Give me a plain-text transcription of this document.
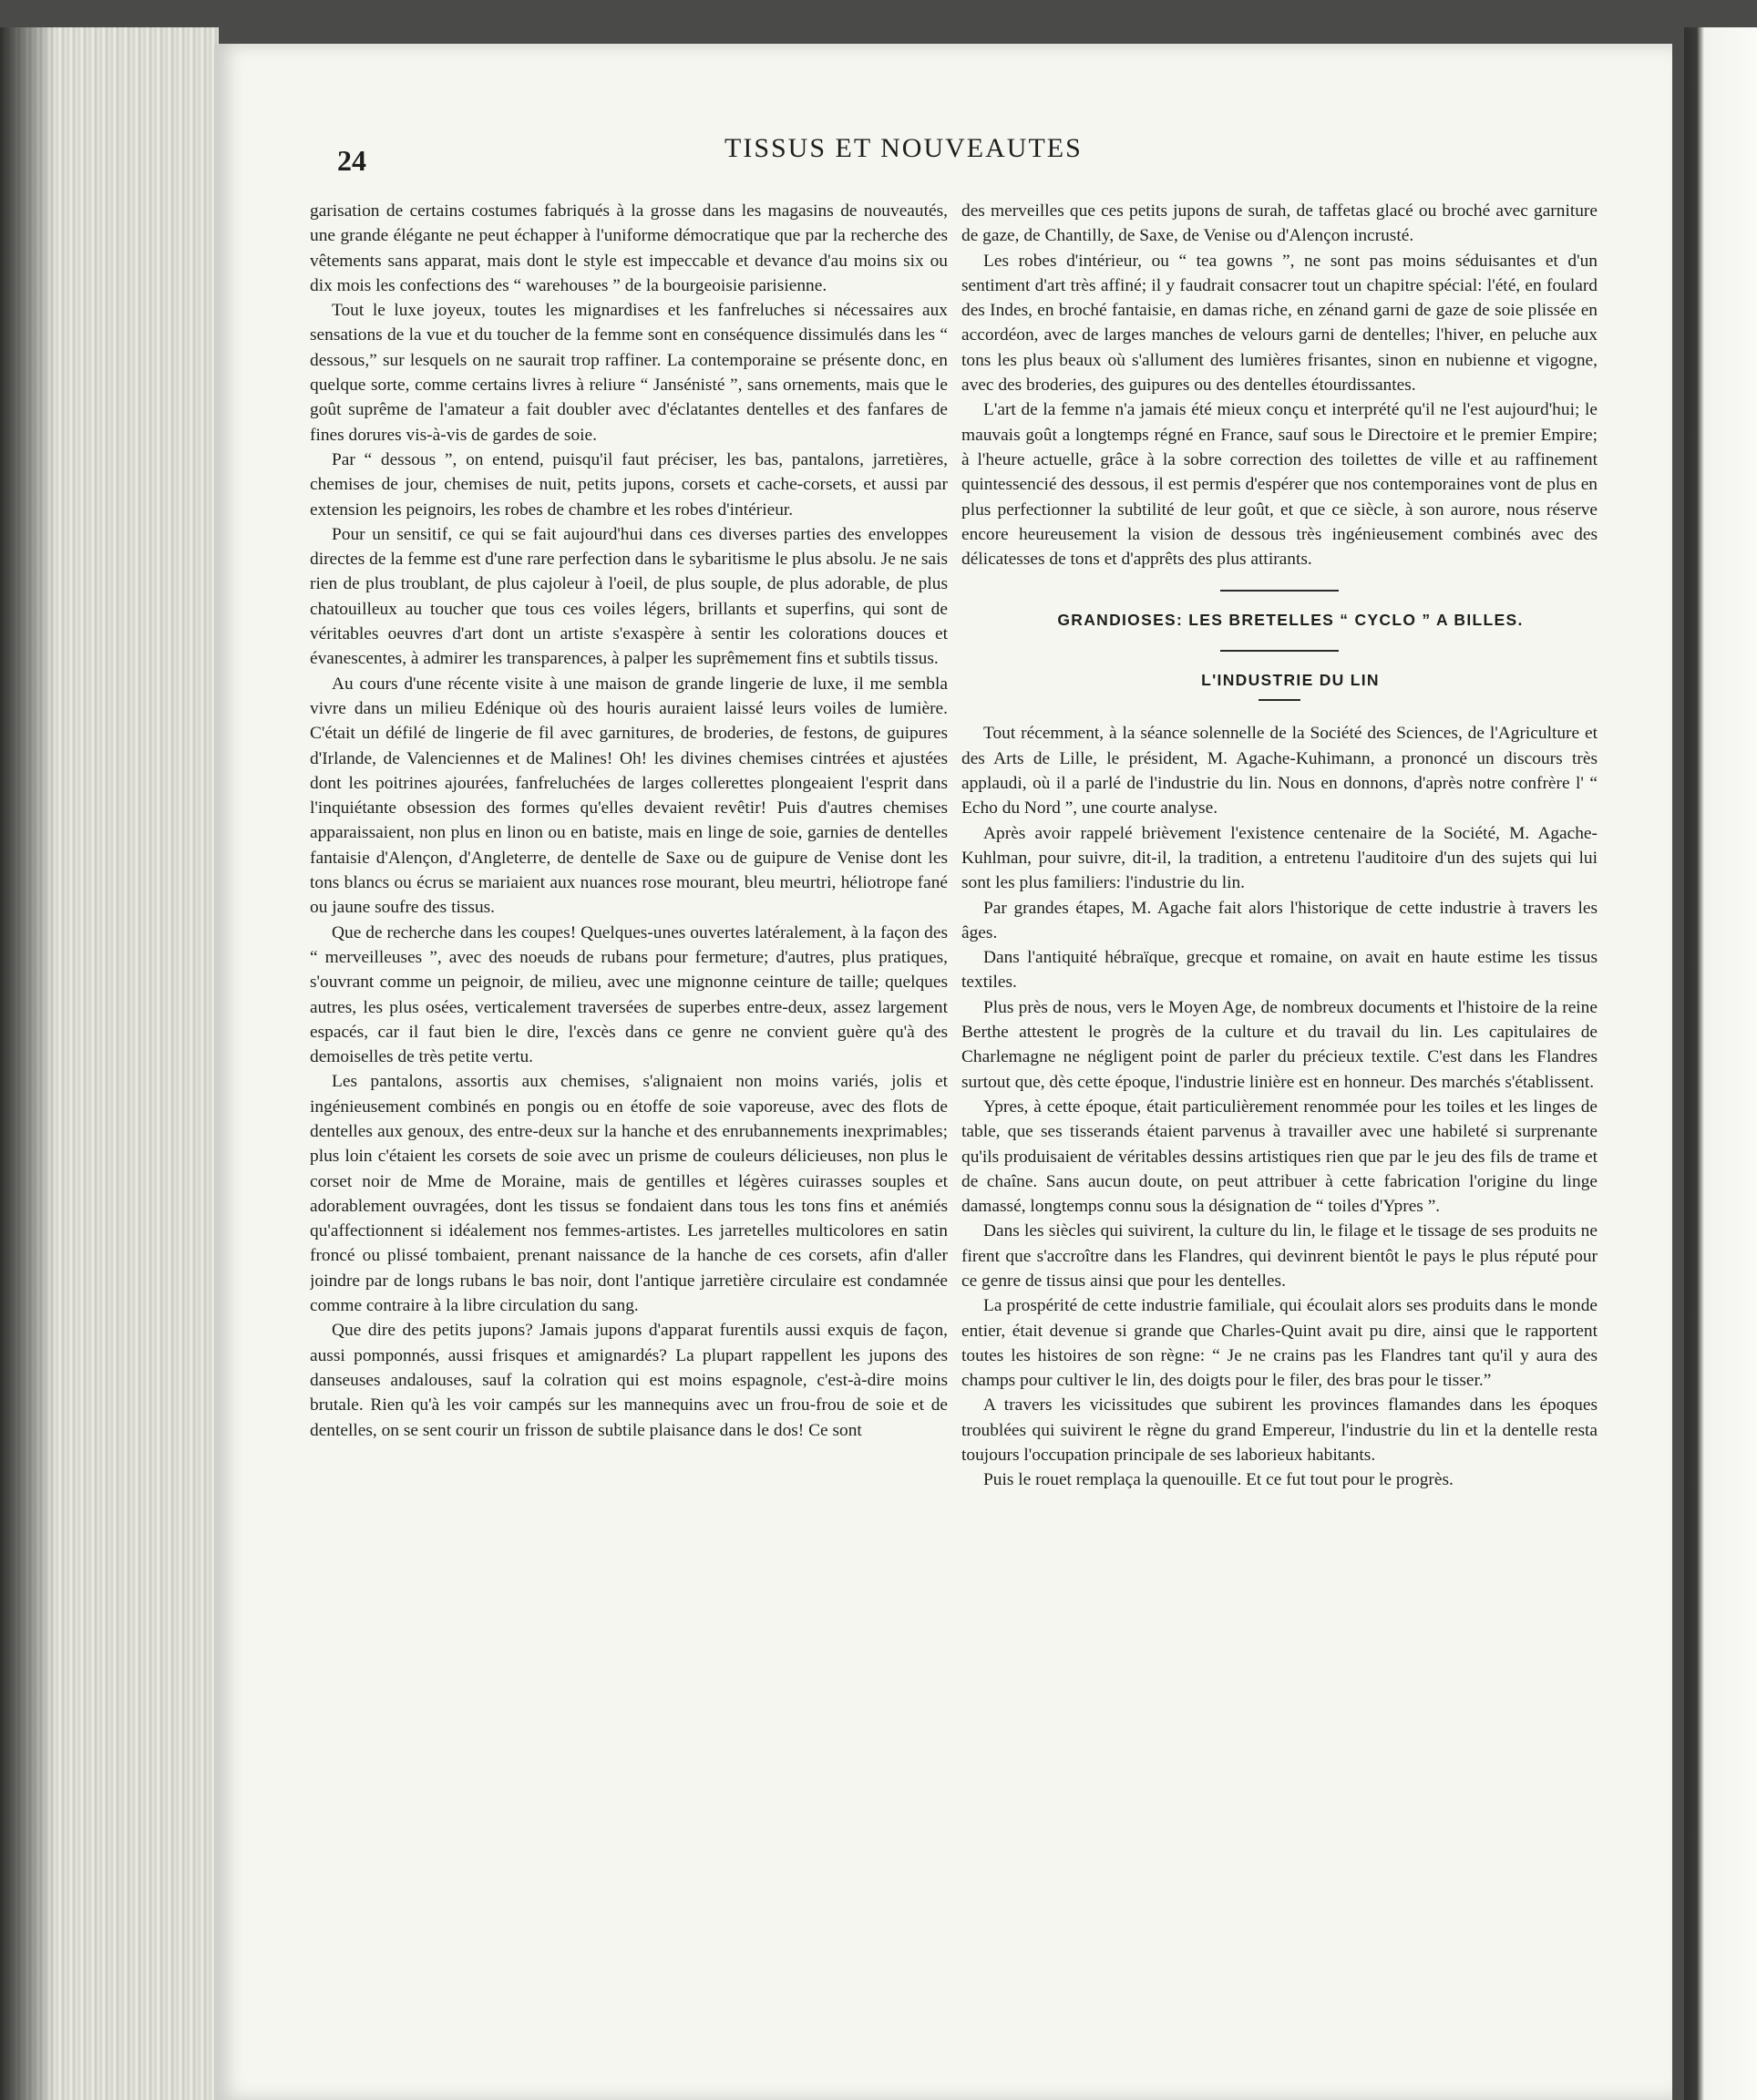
24	TISSUS ET NOUVEAUTES

garisation de certains costumes fabriqués à la grosse dans les magasins de nouveautés, une grande élégante ne peut échapper à l'uniforme démocratique que par la recherche des vêtements sans apparat, mais dont le style est impeccable et devance d'au moins six ou dix mois les confections des “ warehouses ” de la bourgeoisie parisienne.

Tout le luxe joyeux, toutes les mignardises et les fanfreluches si nécessaires aux sensations de la vue et du toucher de la femme sont en conséquence dissimulés dans les “ dessous,” sur lesquels on ne saurait trop raffiner. La contemporaine se présente donc, en quelque sorte, comme certains livres à reliure “ Jansénisté ”, sans ornements, mais que le goût suprême de l'amateur a fait doubler avec d'éclatantes dentelles et des fanfares de fines dorures vis-à-vis de gardes de soie.

Par “ dessous ”, on entend, puisqu'il faut préciser, les bas, pantalons, jarretières, chemises de jour, chemises de nuit, petits jupons, corsets et cache-corsets, et aussi par extension les peignoirs, les robes de chambre et les robes d'intérieur.

Pour un sensitif, ce qui se fait aujourd'hui dans ces diverses parties des enveloppes directes de la femme est d'une rare perfection dans le sybaritisme le plus absolu. Je ne sais rien de plus troublant, de plus cajoleur à l'oeil, de plus souple, de plus adorable, de plus chatouilleux au toucher que tous ces voiles légers, brillants et superfins, qui sont de véritables oeuvres d'art dont un artiste s'exaspère à sentir les colorations douces et évanescentes, à admirer les transparences, à palper les suprêmement fins et subtils tissus.

Au cours d'une récente visite à une maison de grande lingerie de luxe, il me sembla vivre dans un milieu Edénique où des houris auraient laissé leurs voiles de lumière. C'était un défilé de lingerie de fil avec garnitures, de broderies, de festons, de guipures d'Irlande, de Valenciennes et de Malines! Oh! les divines chemises cintrées et ajustées dont les poitrines ajourées, fanfreluchées de larges collerettes plongeaient l'esprit dans l'inquiétante obsession des formes qu'elles devaient revêtir! Puis d'autres chemises apparaissaient, non plus en linon ou en batiste, mais en linge de soie, garnies de dentelles fantaisie d'Alençon, d'Angleterre, de dentelle de Saxe ou de guipure de Venise dont les tons blancs ou écrus se mariaient aux nuances rose mourant, bleu meurtri, héliotrope fané ou jaune soufre des tissus.

Que de recherche dans les coupes! Quelques-unes ouvertes latéralement, à la façon des “ merveilleuses ”, avec des noeuds de rubans pour fermeture; d'autres, plus pratiques, s'ouvrant comme un peignoir, de milieu, avec une mignonne ceinture de taille; quelques autres, les plus osées, verticalement traversées de superbes entre-deux, assez largement espacés, car il faut bien le dire, l'excès dans ce genre ne convient guère qu'à des demoiselles de très petite vertu.

Les pantalons, assortis aux chemises, s'alignaient non moins variés, jolis et ingénieusement combinés en pongis ou en étoffe de soie vaporeuse, avec des flots de dentelles aux genoux, des entre-deux sur la hanche et des enrubannements inexprimables; plus loin c'étaient les corsets de soie avec un prisme de couleurs délicieuses, non plus le corset noir de Mme de Moraine, mais de gentilles et légères cuirasses souples et adorablement ouvragées, dont les tissus se fondaient dans tous les tons fins et anémiés qu'affectionnent si idéalement nos femmes-artistes. Les jarretelles multicolores en satin froncé ou plissé tombaient, prenant naissance de la hanche de ces corsets, afin d'aller joindre par de longs rubans le bas noir, dont l'antique jarretière circulaire est condamnée comme contraire à la libre circulation du sang.

Que dire des petits jupons? Jamais jupons d'apparat furentils aussi exquis de façon, aussi pomponnés, aussi frisques et amignardés? La plupart rappellent les jupons des danseuses andalouses, sauf la colration qui est moins espagnole, c'est-à-dire moins brutale. Rien qu'à les voir campés sur les mannequins avec un frou-frou de soie et de dentelles, on se sent courir un frisson de subtile plaisance dans le dos! Ce sont

des merveilles que ces petits jupons de surah, de taffetas glacé ou broché avec garniture de gaze, de Chantilly, de Saxe, de Venise ou d'Alençon incrusté.

Les robes d'intérieur, ou “ tea gowns ”, ne sont pas moins séduisantes et d'un sentiment d'art très affiné; il y faudrait consacrer tout un chapitre spécial: l'été, en foulard des Indes, en broché fantaisie, en damas riche, en zénand garni de gaze de soie plissée en accordéon, avec de larges manches de velours garni de dentelles; l'hiver, en peluche aux tons les plus beaux où s'allument des lumières frisantes, sinon en nubienne et vigogne, avec des broderies, des guipures ou des dentelles étourdissantes.

L'art de la femme n'a jamais été mieux conçu et interprété qu'il ne l'est aujourd'hui; le mauvais goût a longtemps régné en France, sauf sous le Directoire et le premier Empire; à l'heure actuelle, grâce à la sobre correction des toilettes de ville et au raffinement quintessencié des dessous, il est permis d'espérer que nos contemporaines vont de plus en plus perfectionner la subtilité de leur goût, et que ce siècle, à son aurore, nous réserve encore heureusement la vision de dessous très ingénieusement combinés avec des délicatesses de tons et d'apprêts des plus attirants.

GRANDIOSES: LES BRETELLES “ CYCLO ” A BILLES.

L'INDUSTRIE DU LIN

Tout récemment, à la séance solennelle de la Société des Sciences, de l'Agriculture et des Arts de Lille, le président, M. Agache-Kuhimann, a prononcé un discours très applaudi, où il a parlé de l'industrie du lin. Nous en donnons, d'après notre confrère l' “ Echo du Nord ”, une courte analyse.

Après avoir rappelé brièvement l'existence centenaire de la Société, M. Agache-Kuhlman, pour suivre, dit-il, la tradition, a entretenu l'auditoire d'un des sujets qui lui sont les plus familiers: l'industrie du lin.

Par grandes étapes, M. Agache fait alors l'historique de cette industrie à travers les âges.

Dans l'antiquité hébraïque, grecque et romaine, on avait en haute estime les tissus textiles.

Plus près de nous, vers le Moyen Age, de nombreux documents et l'histoire de la reine Berthe attestent le progrès de la culture et du travail du lin. Les capitulaires de Charlemagne ne négligent point de parler du précieux textile. C'est dans les Flandres surtout que, dès cette époque, l'industrie linière est en honneur. Des marchés s'établissent.

Ypres, à cette époque, était particulièrement renommée pour les toiles et les linges de table, que ses tisserands étaient parvenus à travailler avec une habileté si surprenante qu'ils produisaient de véritables dessins artistiques rien que par le jeu des fils de trame et de chaîne. Sans aucun doute, on peut attribuer à cette fabrication l'origine du linge damassé, longtemps connu sous la désignation de “ toiles d'Ypres ”.

Dans les siècles qui suivirent, la culture du lin, le filage et le tissage de ses produits ne firent que s'accroître dans les Flandres, qui devinrent bientôt le pays le plus réputé pour ce genre de tissus ainsi que pour les dentelles.

La prospérité de cette industrie familiale, qui écoulait alors ses produits dans le monde entier, était devenue si grande que Charles-Quint avait pu dire, ainsi que le rapportent toutes les histoires de son règne: “ Je ne crains pas les Flandres tant qu'il y aura des champs pour cultiver le lin, des doigts pour le filer, des bras pour le tisser.”

A travers les vicissitudes que subirent les provinces flamandes dans les époques troublées qui suivirent le règne du grand Empereur, l'industrie du lin et la dentelle resta toujours l'occupation principale de ses laborieux habitants.

Puis le rouet remplaça la quenouille. Et ce fut tout pour le progrès.
